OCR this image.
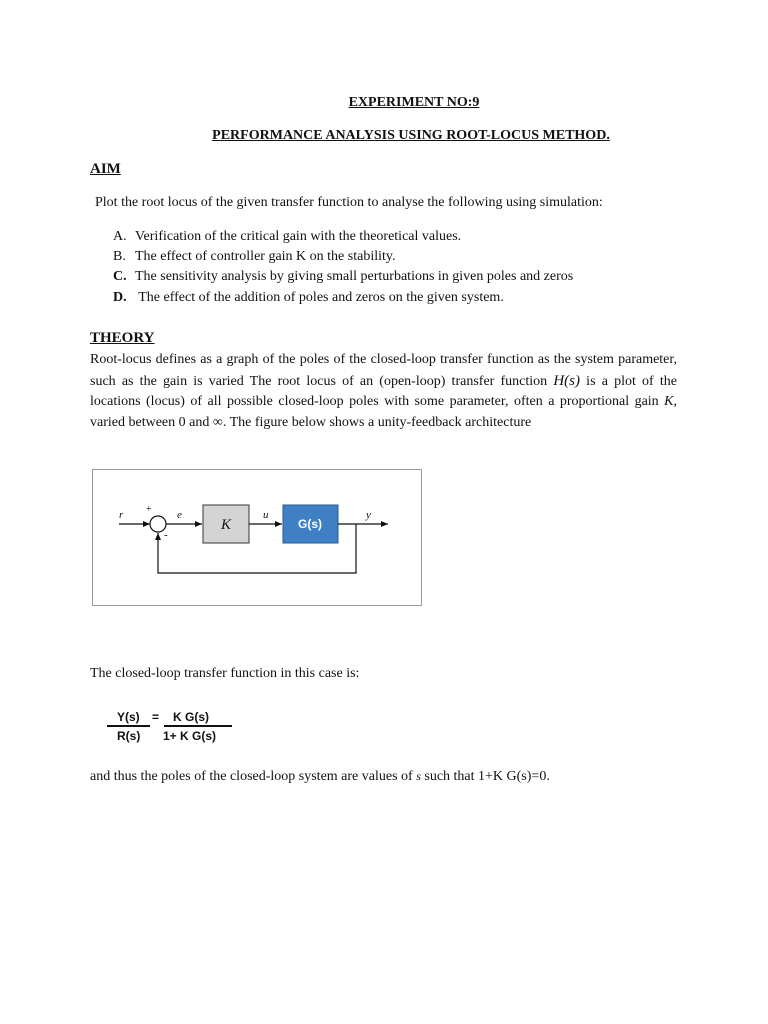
EXPERIMENT NO:9
PERFORMANCE ANALYSIS USING ROOT-LOCUS METHOD.
AIM
Plot the root locus of the given transfer function to analyse the following using simulation:
A. Verification of the critical gain with the theoretical values.
B. The effect of controller gain K on the stability.
C. The sensitivity analysis by giving small perturbations in given poles and zeros
D. The effect of the addition of poles and zeros on the given system.
THEORY
Root-locus defines as a graph of the poles of the closed-loop transfer function as the system parameter, such as the gain is varied The root locus of an (open-loop) transfer function H(s) is a plot of the locations (locus) of all possible closed-loop poles with some parameter, often a proportional gain K, varied between 0 and ∞. The figure below shows a unity-feedback architecture
r +
-
e
K
u
G(s)
y
The closed-loop transfer function in this case is:
Y(s) = K G(s)
R(s) 1+ K G(s)
and thus the poles of the closed-loop system are values of s such that 1+K G(s)=0.
